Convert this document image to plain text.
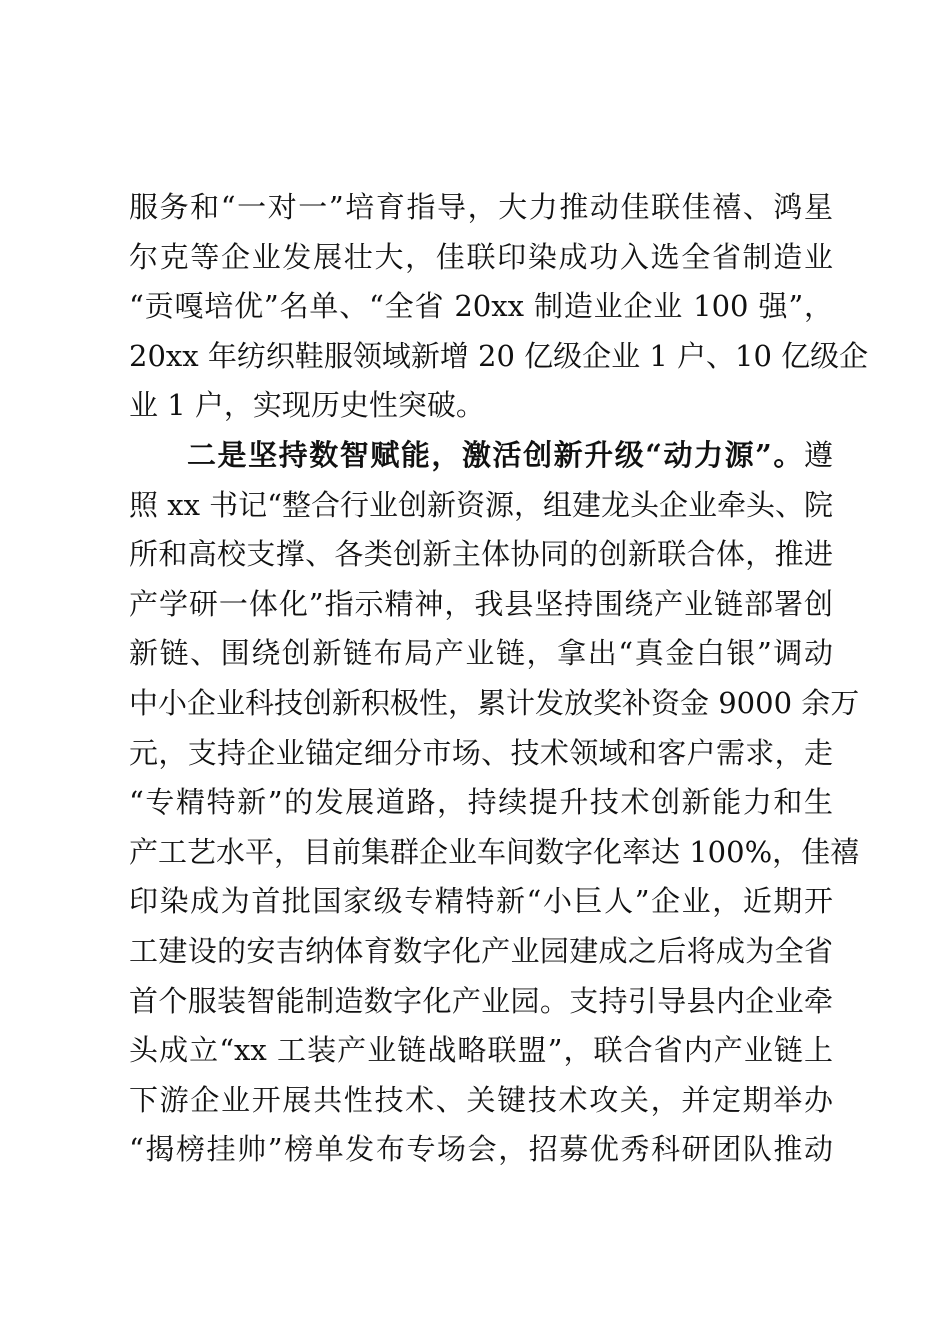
服务和“一对一”培育指导，大力推动佳联佳禧、鸿星
尔克等企业发展壮大，佳联印染成功入选全省制造业
“贡嘎培优”名单、“全省 20xx 制造业企业 100 强”，
20xx 年纺织鞋服领域新增 20 亿级企业 1 户、10 亿级企
业 1 户，实现历史性突破。
二是坚持数智赋能，激活创新升级“动力源”。遵
照 xx 书记“整合行业创新资源，组建龙头企业牵头、院
所和高校支撑、各类创新主体协同的创新联合体，推进
产学研一体化”指示精神，我县坚持围绕产业链部署创
新链、围绕创新链布局产业链，拿出“真金白银”调动
中小企业科技创新积极性，累计发放奖补资金 9000 余万
元，支持企业锚定细分市场、技术领域和客户需求，走
“专精特新”的发展道路，持续提升技术创新能力和生
产工艺水平，目前集群企业车间数字化率达 100%，佳禧
印染成为首批国家级专精特新“小巨人”企业，近期开
工建设的安吉纳体育数字化产业园建成之后将成为全省
首个服装智能制造数字化产业园。支持引导县内企业牵
头成立“xx 工装产业链战略联盟”，联合省内产业链上
下游企业开展共性技术、关键技术攻关，并定期举办
“揭榜挂帅”榜单发布专场会，招募优秀科研团队推动
